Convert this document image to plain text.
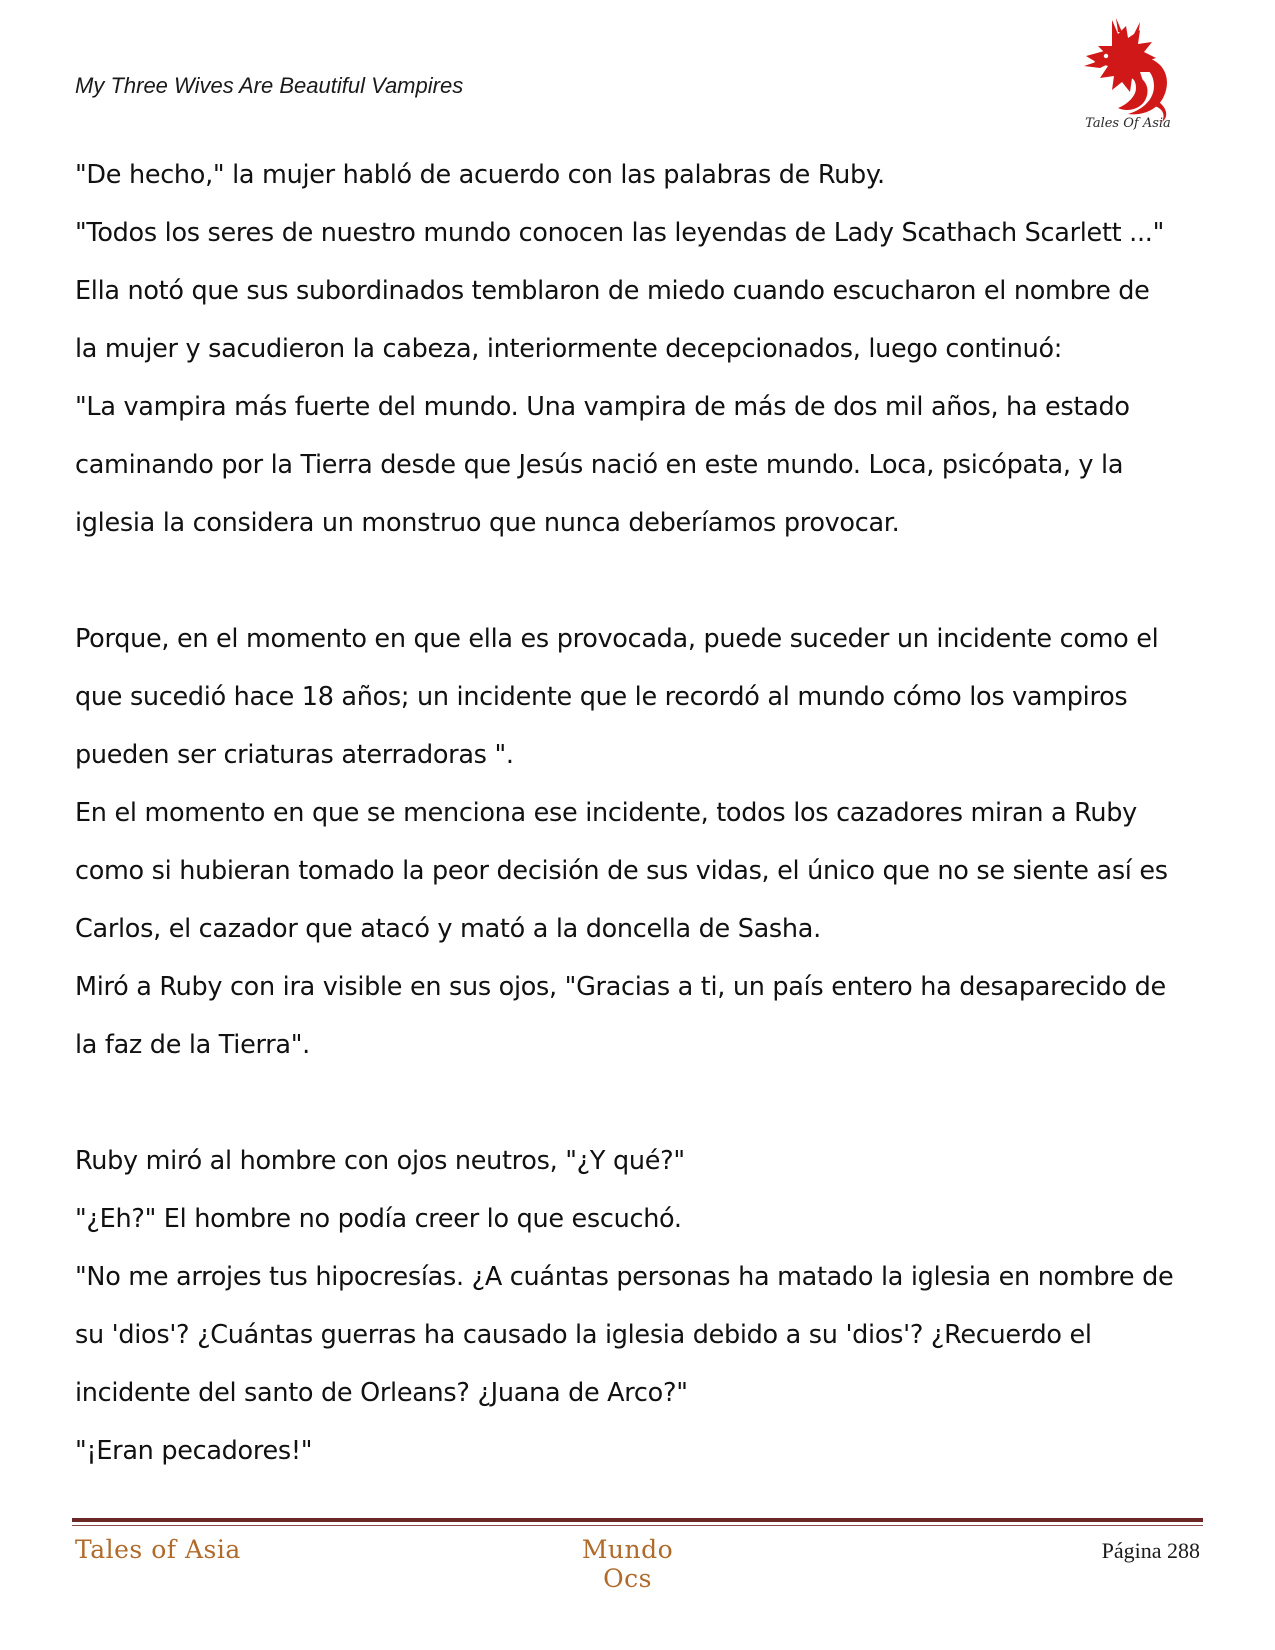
My Three Wives Are Beautiful Vampires
Tales Of Asia
"De hecho," la mujer habló de acuerdo con las palabras de Ruby.
"Todos los seres de nuestro mundo conocen las leyendas de Lady Scathach Scarlett ..."
Ella notó que sus subordinados temblaron de miedo cuando escucharon el nombre de
la mujer y sacudieron la cabeza, interiormente decepcionados, luego continuó:
"La vampira más fuerte del mundo. Una vampira de más de dos mil años, ha estado
caminando por la Tierra desde que Jesús nació en este mundo. Loca, psicópata, y la
iglesia la considera un monstruo que nunca deberíamos provocar.
Porque, en el momento en que ella es provocada, puede suceder un incidente como el
que sucedió hace 18 años; un incidente que le recordó al mundo cómo los vampiros
pueden ser criaturas aterradoras ".
En el momento en que se menciona ese incidente, todos los cazadores miran a Ruby
como si hubieran tomado la peor decisión de sus vidas, el único que no se siente así es
Carlos, el cazador que atacó y mató a la doncella de Sasha.
Miró a Ruby con ira visible en sus ojos, "Gracias a ti, un país entero ha desaparecido de
la faz de la Tierra".
Ruby miró al hombre con ojos neutros, "¿Y qué?"
"¿Eh?" El hombre no podía creer lo que escuchó.
"No me arrojes tus hipocresías. ¿A cuántas personas ha matado la iglesia en nombre de
su 'dios'? ¿Cuántas guerras ha causado la iglesia debido a su 'dios'? ¿Recuerdo el
incidente del santo de Orleans? ¿Juana de Arco?"
"¡Eran pecadores!"
Tales of Asia	Mundo Ocs
Página 288
